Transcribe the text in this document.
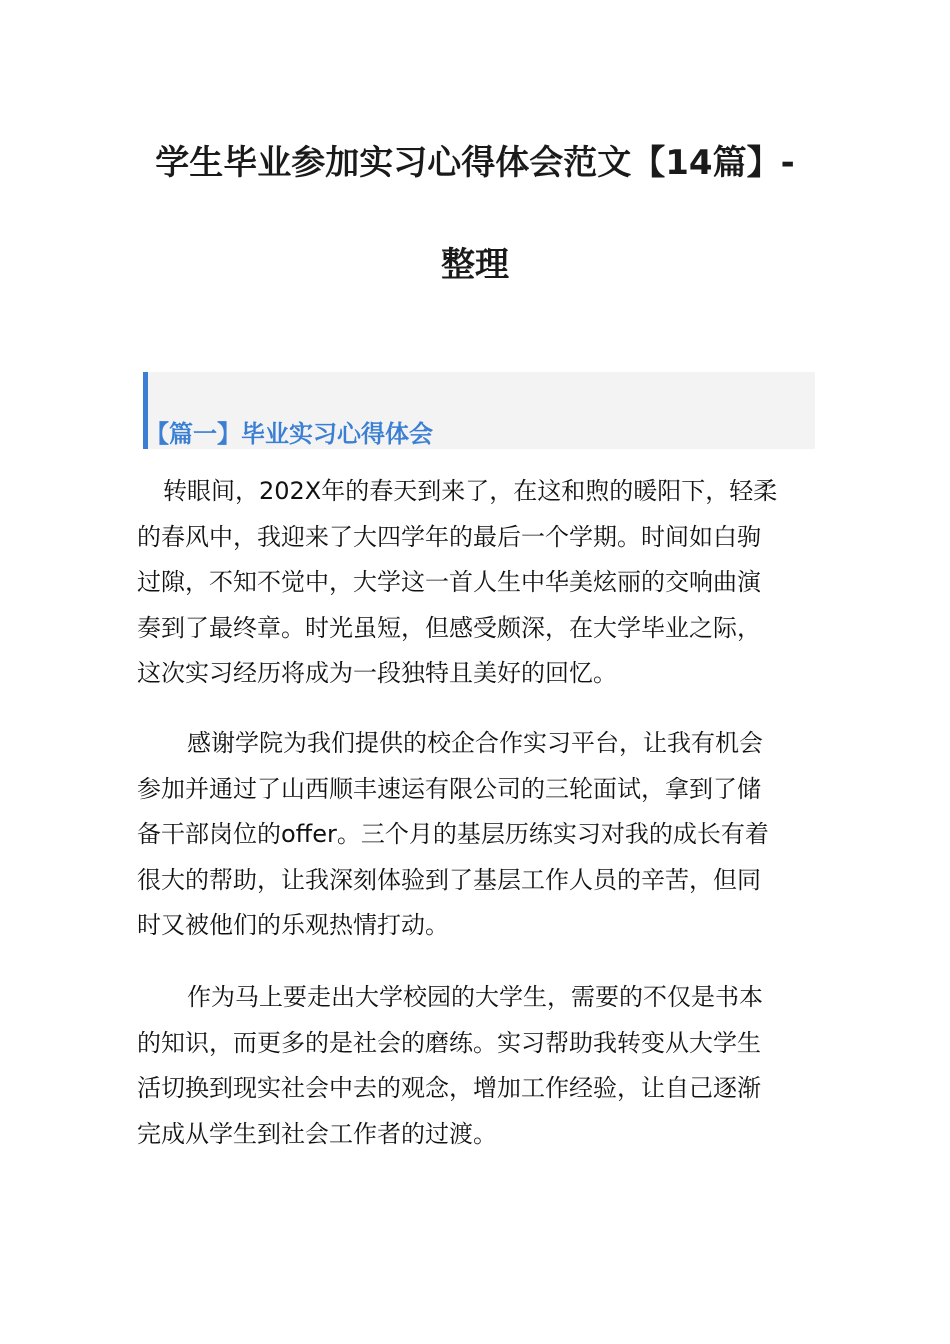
学生毕业参加实习心得体会范文【14篇】-
整理
【篇一】毕业实习心得体会

转眼间，202X年的春天到来了，在这和煦的暖阳下，轻柔
的春风中，我迎来了大四学年的最后一个学期。时间如白驹
过隙，不知不觉中，大学这一首人生中华美炫丽的交响曲演
奏到了最终章。时光虽短，但感受颇深，在大学毕业之际，
这次实习经历将成为一段独特且美好的回忆。

感谢学院为我们提供的校企合作实习平台，让我有机会
参加并通过了山西顺丰速运有限公司的三轮面试，拿到了储
备干部岗位的offer。三个月的基层历练实习对我的成长有着
很大的帮助，让我深刻体验到了基层工作人员的辛苦，但同
时又被他们的乐观热情打动。

作为马上要走出大学校园的大学生，需要的不仅是书本
的知识，而更多的是社会的磨练。实习帮助我转变从大学生
活切换到现实社会中去的观念，增加工作经验，让自己逐渐
完成从学生到社会工作者的过渡。
